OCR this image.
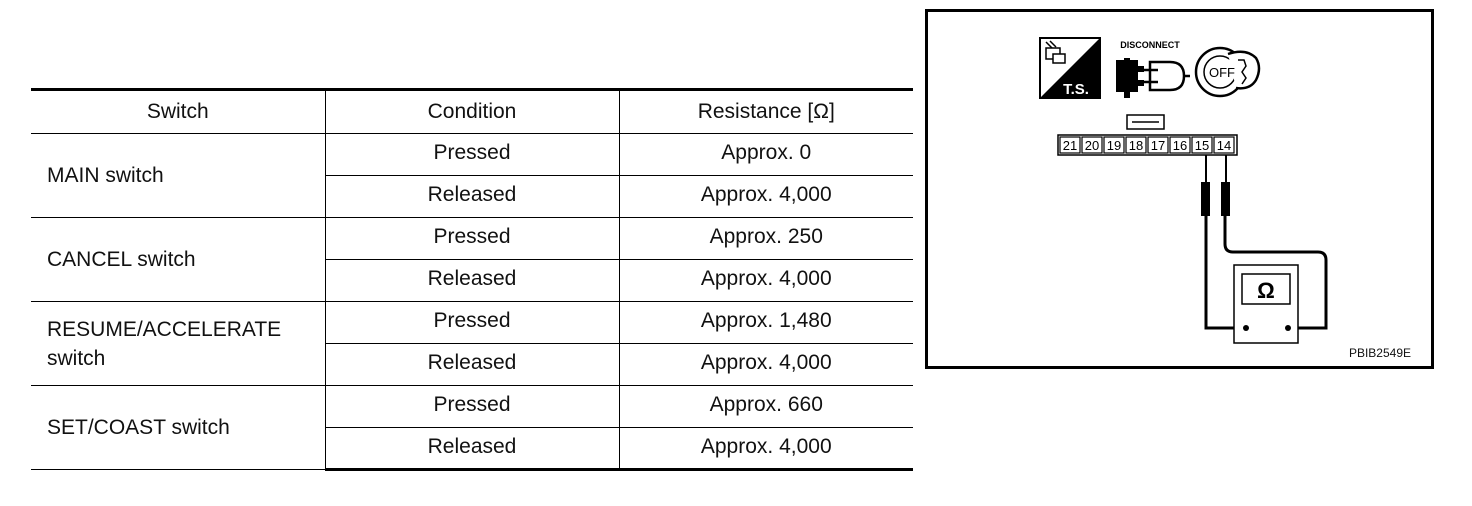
Switch	Condition	Resistance [Ω]
MAIN switch	Pressed	Approx. 0
	Released	Approx. 4,000
CANCEL switch	Pressed	Approx. 250
	Released	Approx. 4,000
RESUME/ACCELERATE switch	Pressed	Approx. 1,480
	Released	Approx. 4,000
SET/COAST switch	Pressed	Approx. 660
	Released	Approx. 4,000
T.S.
DISCONNECT
OFF
21 20 19 18 17 16 15 14
Ω
PBIB2549E
